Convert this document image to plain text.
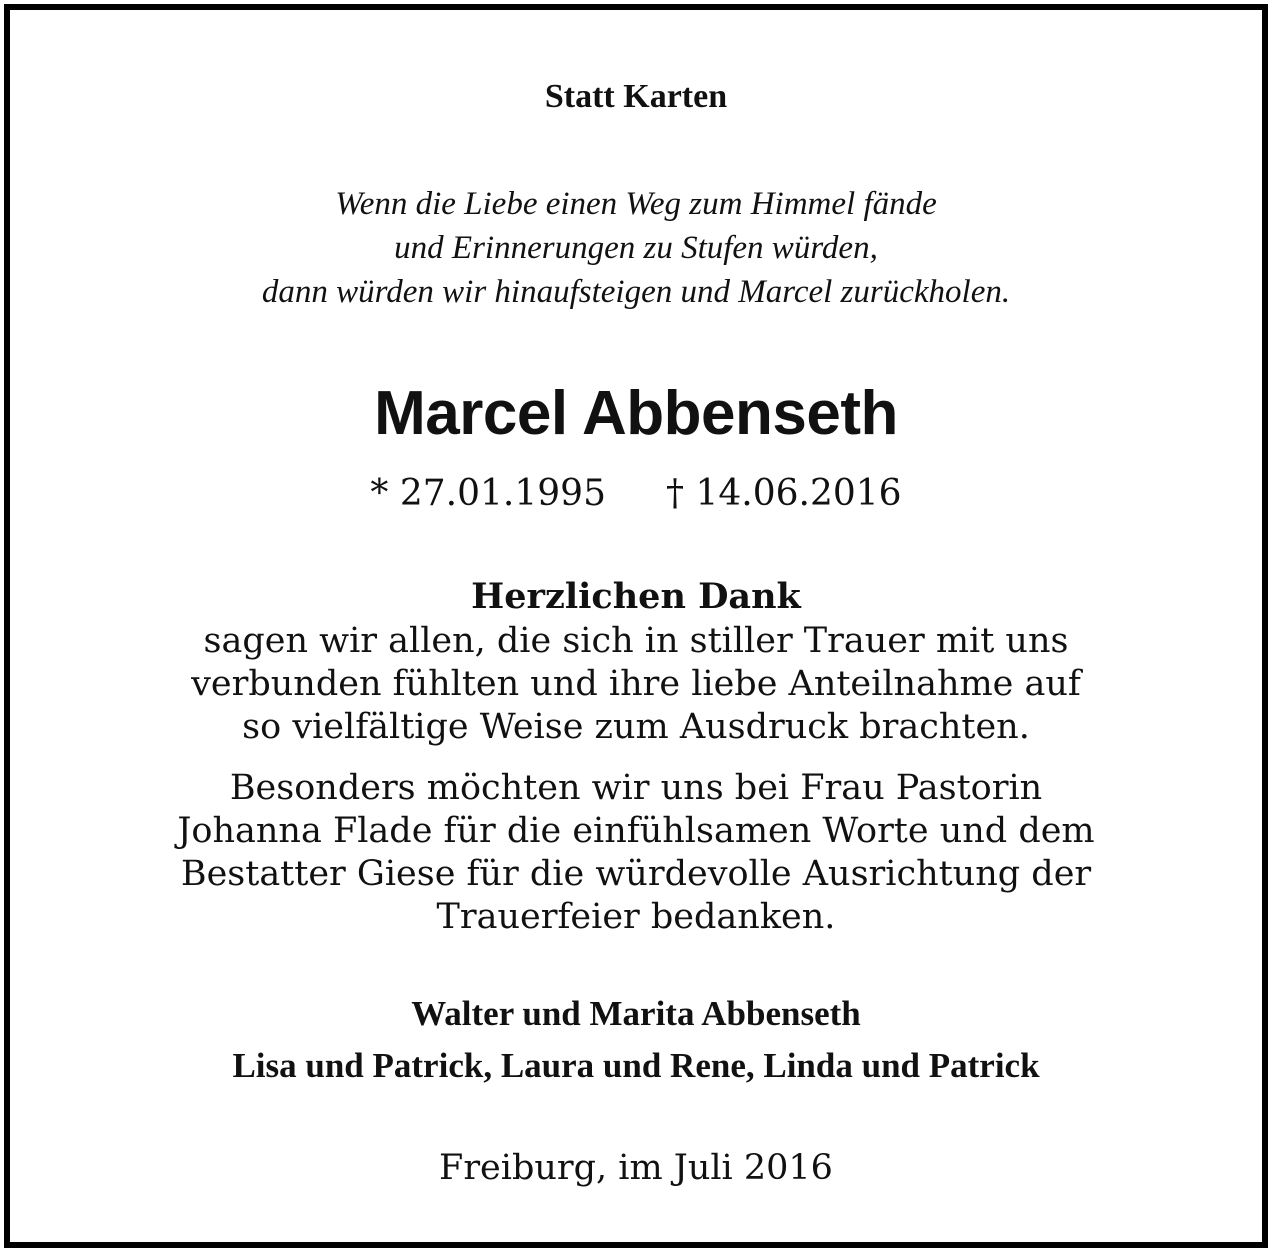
Statt Karten
Wenn die Liebe einen Weg zum Himmel fände
und Erinnerungen zu Stufen würden,
dann würden wir hinaufsteigen und Marcel zurückholen.
Marcel Abbenseth
* 27.01.1995 † 14.06.2016
Herzlichen Dank
sagen wir allen, die sich in stiller Trauer mit uns
verbunden fühlten und ihre liebe Anteilnahme auf
so vielfältige Weise zum Ausdruck brachten.
Besonders möchten wir uns bei Frau Pastorin
Johanna Flade für die einfühlsamen Worte und dem
Bestatter Giese für die würdevolle Ausrichtung der
Trauerfeier bedanken.
Walter und Marita Abbenseth
Lisa und Patrick, Laura und Rene, Linda und Patrick
Freiburg, im Juli 2016
